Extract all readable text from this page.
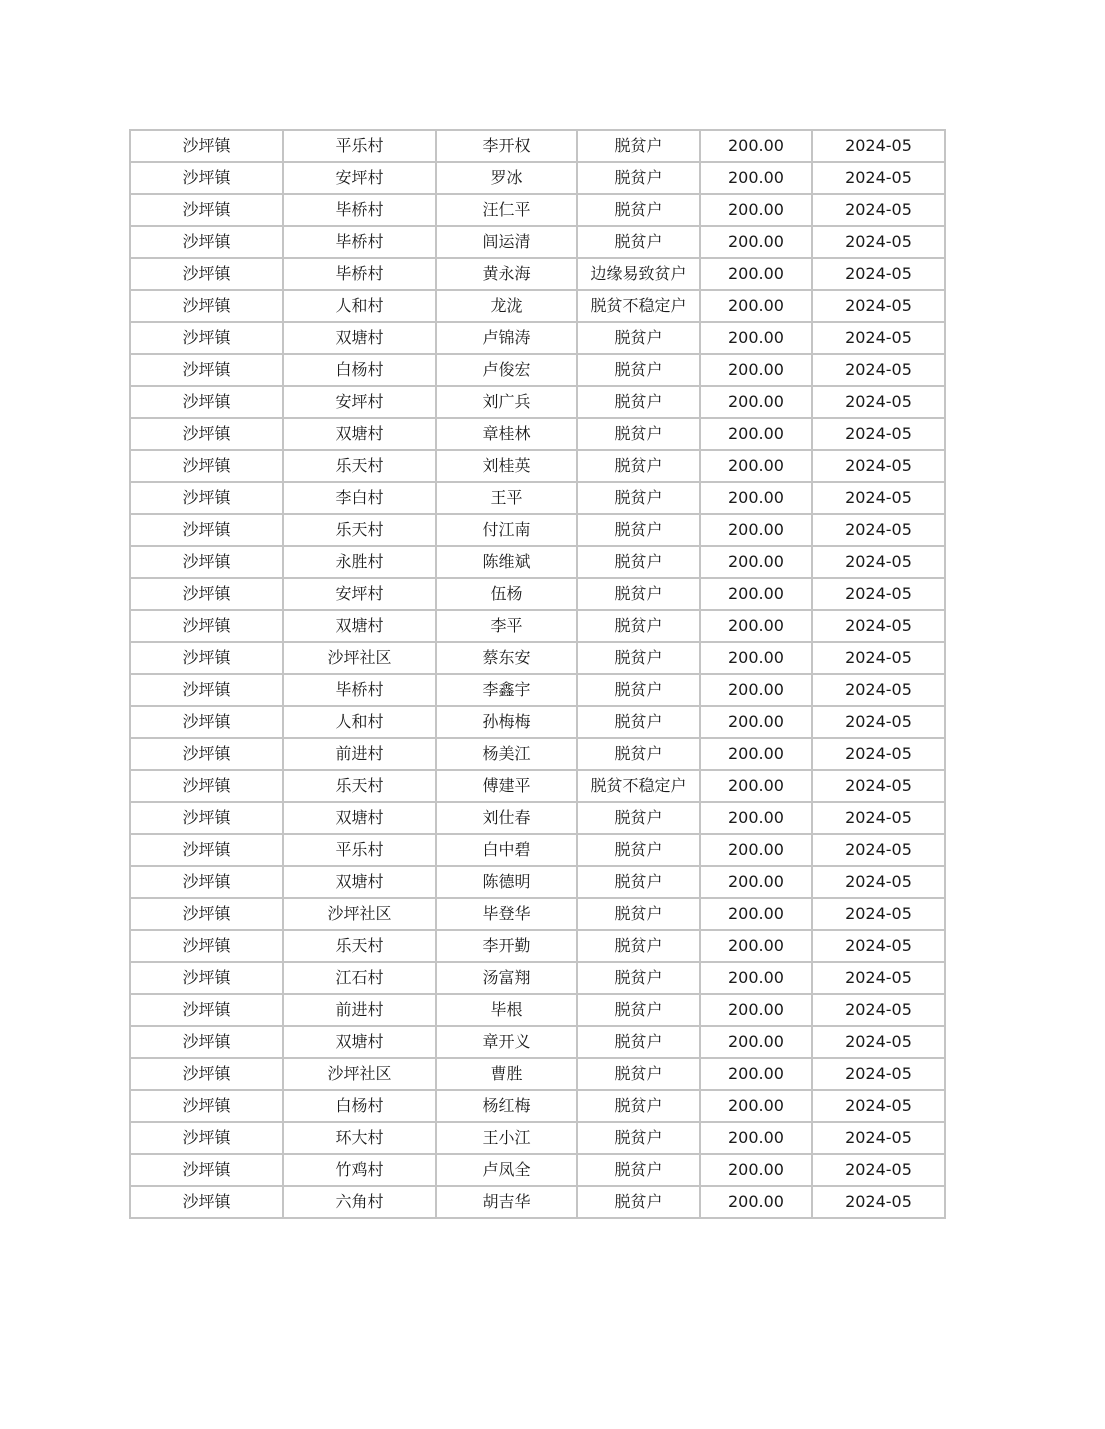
沙坪镇	平乐村	李开权	脱贫户	200.00	2024-05
沙坪镇	安坪村	罗冰	脱贫户	200.00	2024-05
沙坪镇	毕桥村	汪仁平	脱贫户	200.00	2024-05
沙坪镇	毕桥村	闾运清	脱贫户	200.00	2024-05
沙坪镇	毕桥村	黄永海	边缘易致贫户	200.00	2024-05
沙坪镇	人和村	龙泷	脱贫不稳定户	200.00	2024-05
沙坪镇	双塘村	卢锦涛	脱贫户	200.00	2024-05
沙坪镇	白杨村	卢俊宏	脱贫户	200.00	2024-05
沙坪镇	安坪村	刘广兵	脱贫户	200.00	2024-05
沙坪镇	双塘村	章桂林	脱贫户	200.00	2024-05
沙坪镇	乐天村	刘桂英	脱贫户	200.00	2024-05
沙坪镇	李白村	王平	脱贫户	200.00	2024-05
沙坪镇	乐天村	付江南	脱贫户	200.00	2024-05
沙坪镇	永胜村	陈维斌	脱贫户	200.00	2024-05
沙坪镇	安坪村	伍杨	脱贫户	200.00	2024-05
沙坪镇	双塘村	李平	脱贫户	200.00	2024-05
沙坪镇	沙坪社区	蔡东安	脱贫户	200.00	2024-05
沙坪镇	毕桥村	李鑫宇	脱贫户	200.00	2024-05
沙坪镇	人和村	孙梅梅	脱贫户	200.00	2024-05
沙坪镇	前进村	杨美江	脱贫户	200.00	2024-05
沙坪镇	乐天村	傅建平	脱贫不稳定户	200.00	2024-05
沙坪镇	双塘村	刘仕春	脱贫户	200.00	2024-05
沙坪镇	平乐村	白中碧	脱贫户	200.00	2024-05
沙坪镇	双塘村	陈德明	脱贫户	200.00	2024-05
沙坪镇	沙坪社区	毕登华	脱贫户	200.00	2024-05
沙坪镇	乐天村	李开勤	脱贫户	200.00	2024-05
沙坪镇	江石村	汤富翔	脱贫户	200.00	2024-05
沙坪镇	前进村	毕根	脱贫户	200.00	2024-05
沙坪镇	双塘村	章开义	脱贫户	200.00	2024-05
沙坪镇	沙坪社区	曹胜	脱贫户	200.00	2024-05
沙坪镇	白杨村	杨红梅	脱贫户	200.00	2024-05
沙坪镇	环大村	王小江	脱贫户	200.00	2024-05
沙坪镇	竹鸡村	卢凤全	脱贫户	200.00	2024-05
沙坪镇	六角村	胡吉华	脱贫户	200.00	2024-05
